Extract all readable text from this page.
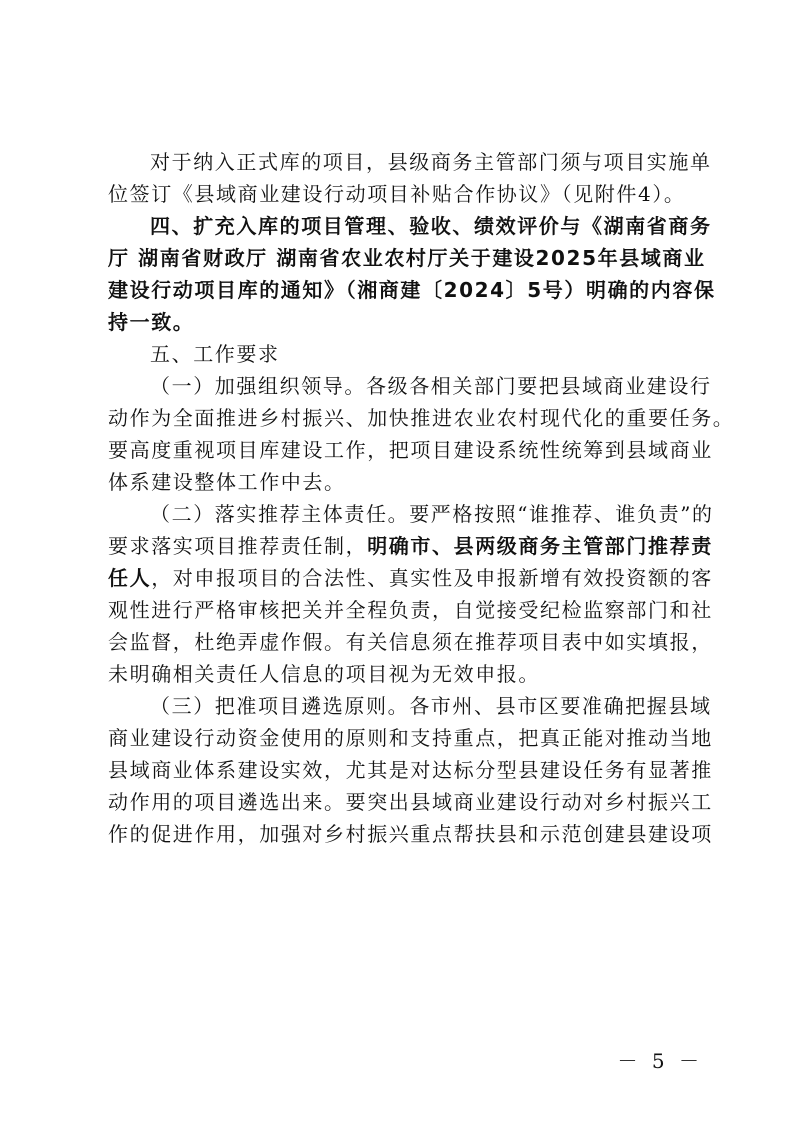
对于纳入正式库的项目，县级商务主管部门须与项目实施单
位签订《县域商业建设行动项目补贴合作协议》（见附件4）。

四、扩充入库的项目管理、验收、绩效评价与《湖南省商务
厅 湖南省财政厅 湖南省农业农村厅关于建设2025年县域商业
建设行动项目库的通知》（湘商建〔2024〕5号）明确的内容保
持一致。

五、工作要求

（一）加强组织领导。各级各相关部门要把县域商业建设行
动作为全面推进乡村振兴、加快推进农业农村现代化的重要任务。
要高度重视项目库建设工作，把项目建设系统性统筹到县域商业
体系建设整体工作中去。

（二）落实推荐主体责任。要严格按照“谁推荐、谁负责”的
要求落实项目推荐责任制，明确市、县两级商务主管部门推荐责
任人，对申报项目的合法性、真实性及申报新增有效投资额的客
观性进行严格审核把关并全程负责，自觉接受纪检监察部门和社
会监督，杜绝弄虚作假。有关信息须在推荐项目表中如实填报，
未明确相关责任人信息的项目视为无效申报。

（三）把准项目遴选原则。各市州、县市区要准确把握县域
商业建设行动资金使用的原则和支持重点，把真正能对推动当地
县域商业体系建设实效，尤其是对达标分型县建设任务有显著推
动作用的项目遴选出来。要突出县域商业建设行动对乡村振兴工
作的促进作用，加强对乡村振兴重点帮扶县和示范创建县建设项

－ 5 －
